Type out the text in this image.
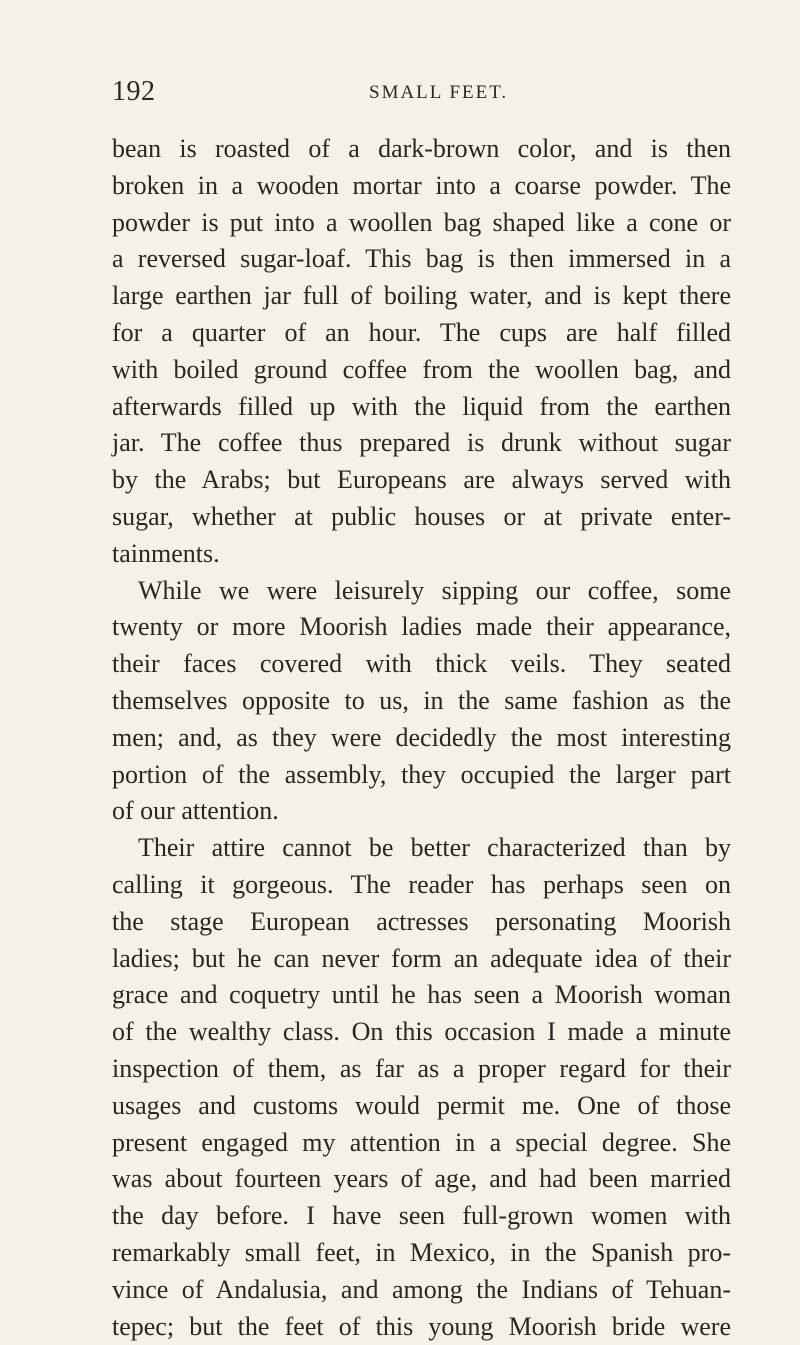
192	SMALL FEET.
bean is roasted of a dark-brown color, and is then
broken in a wooden mortar into a coarse powder. The
powder is put into a woollen bag shaped like a cone or
a reversed sugar-loaf. This bag is then immersed in a
large earthen jar full of boiling water, and is kept there
for a quarter of an hour. The cups are half filled
with boiled ground coffee from the woollen bag, and
afterwards filled up with the liquid from the earthen
jar. The coffee thus prepared is drunk without sugar
by the Arabs; but Europeans are always served with
sugar, whether at public houses or at private enter-
tainments.
While we were leisurely sipping our coffee, some
twenty or more Moorish ladies made their appearance,
their faces covered with thick veils. They seated
themselves opposite to us, in the same fashion as the
men; and, as they were decidedly the most interesting
portion of the assembly, they occupied the larger part
of our attention.
Their attire cannot be better characterized than by
calling it gorgeous. The reader has perhaps seen on
the stage European actresses personating Moorish
ladies; but he can never form an adequate idea of their
grace and coquetry until he has seen a Moorish woman
of the wealthy class. On this occasion I made a minute
inspection of them, as far as a proper regard for their
usages and customs would permit me. One of those
present engaged my attention in a special degree. She
was about fourteen years of age, and had been married
the day before. I have seen full-grown women with
remarkably small feet, in Mexico, in the Spanish pro-
vince of Andalusia, and among the Indians of Tehuan-
tepec; but the feet of this young Moorish bride were
